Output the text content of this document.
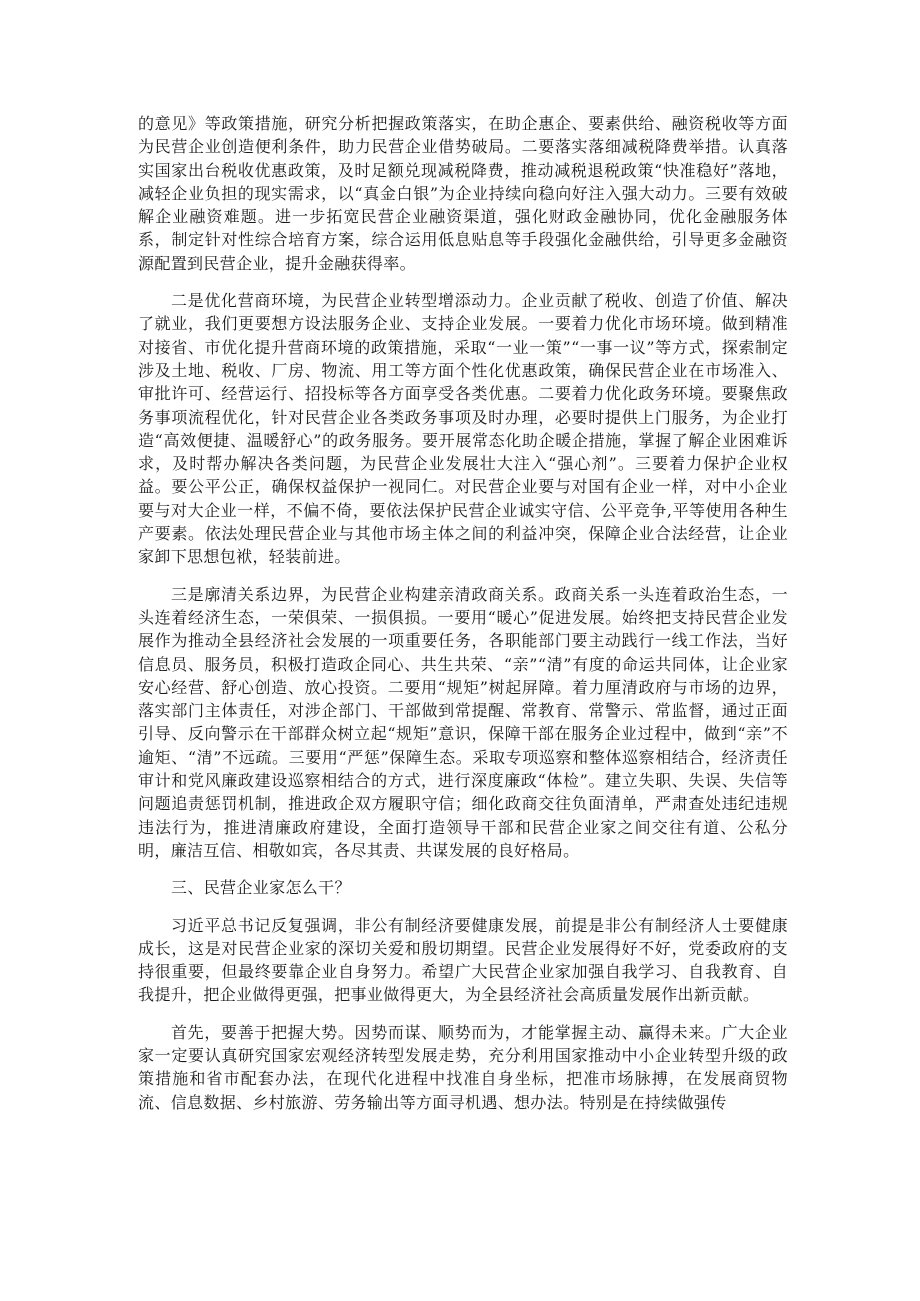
的意见》等政策措施，研究分析把握政策落实，在助企惠企、要素供给、融资税收等方面为民营企业创造便利条件，助力民营企业借势破局。二要落实落细减税降费举措。认真落实国家出台税收优惠政策，及时足额兑现减税降费，推动减税退税政策“快准稳好”落地，减轻企业负担的现实需求，以“真金白银”为企业持续向稳向好注入强大动力。三要有效破解企业融资难题。进一步拓宽民营企业融资渠道，强化财政金融协同，优化金融服务体系，制定针对性综合培育方案，综合运用低息贴息等手段强化金融供给，引导更多金融资源配置到民营企业，提升金融获得率。

二是优化营商环境，为民营企业转型增添动力。企业贡献了税收、创造了价值、解决了就业，我们更要想方设法服务企业、支持企业发展。一要着力优化市场环境。做到精准对接省、市优化提升营商环境的政策措施，采取“一业一策”“一事一议”等方式，探索制定涉及土地、税收、厂房、物流、用工等方面个性化优惠政策，确保民营企业在市场准入、审批许可、经营运行、招投标等各方面享受各类优惠。二要着力优化政务环境。要聚焦政务事项流程优化，针对民营企业各类政务事项及时办理，必要时提供上门服务，为企业打造“高效便捷、温暖舒心”的政务服务。要开展常态化助企暖企措施，掌握了解企业困难诉求，及时帮办解决各类问题，为民营企业发展壮大注入“强心剂”。三要着力保护企业权益。要公平公正，确保权益保护一视同仁。对民营企业要与对国有企业一样，对中小企业要与对大企业一样，不偏不倚，要依法保护民营企业诚实守信、公平竞争,平等使用各种生产要素。依法处理民营企业与其他市场主体之间的利益冲突，保障企业合法经营，让企业家卸下思想包袱，轻装前进。

三是廓清关系边界，为民营企业构建亲清政商关系。政商关系一头连着政治生态，一头连着经济生态，一荣俱荣、一损俱损。一要用“暖心”促进发展。始终把支持民营企业发展作为推动全县经济社会发展的一项重要任务，各职能部门要主动践行一线工作法，当好信息员、服务员，积极打造政企同心、共生共荣、“亲”“清”有度的命运共同体，让企业家安心经营、舒心创造、放心投资。二要用“规矩”树起屏障。着力厘清政府与市场的边界，落实部门主体责任，对涉企部门、干部做到常提醒、常教育、常警示、常监督，通过正面引导、反向警示在干部群众树立起“规矩”意识，保障干部在服务企业过程中，做到“亲”不逾矩、“清”不远疏。三要用“严惩”保障生态。采取专项巡察和整体巡察相结合，经济责任审计和党风廉政建设巡察相结合的方式，进行深度廉政“体检”。建立失职、失误、失信等问题追责惩罚机制，推进政企双方履职守信；细化政商交往负面清单，严肃查处违纪违规违法行为，推进清廉政府建设，全面打造领导干部和民营企业家之间交往有道、公私分明，廉洁互信、相敬如宾，各尽其责、共谋发展的良好格局。

三、民营企业家怎么干？

习近平总书记反复强调，非公有制经济要健康发展，前提是非公有制经济人士要健康成长，这是对民营企业家的深切关爱和殷切期望。民营企业发展得好不好，党委政府的支持很重要，但最终要靠企业自身努力。希望广大民营企业家加强自我学习、自我教育、自我提升，把企业做得更强，把事业做得更大，为全县经济社会高质量发展作出新贡献。

首先，要善于把握大势。因势而谋、顺势而为，才能掌握主动、赢得未来。广大企业家一定要认真研究国家宏观经济转型发展走势，充分利用国家推动中小企业转型升级的政策措施和省市配套办法，在现代化进程中找准自身坐标，把准市场脉搏，在发展商贸物流、信息数据、乡村旅游、劳务输出等方面寻机遇、想办法。特别是在持续做强传
